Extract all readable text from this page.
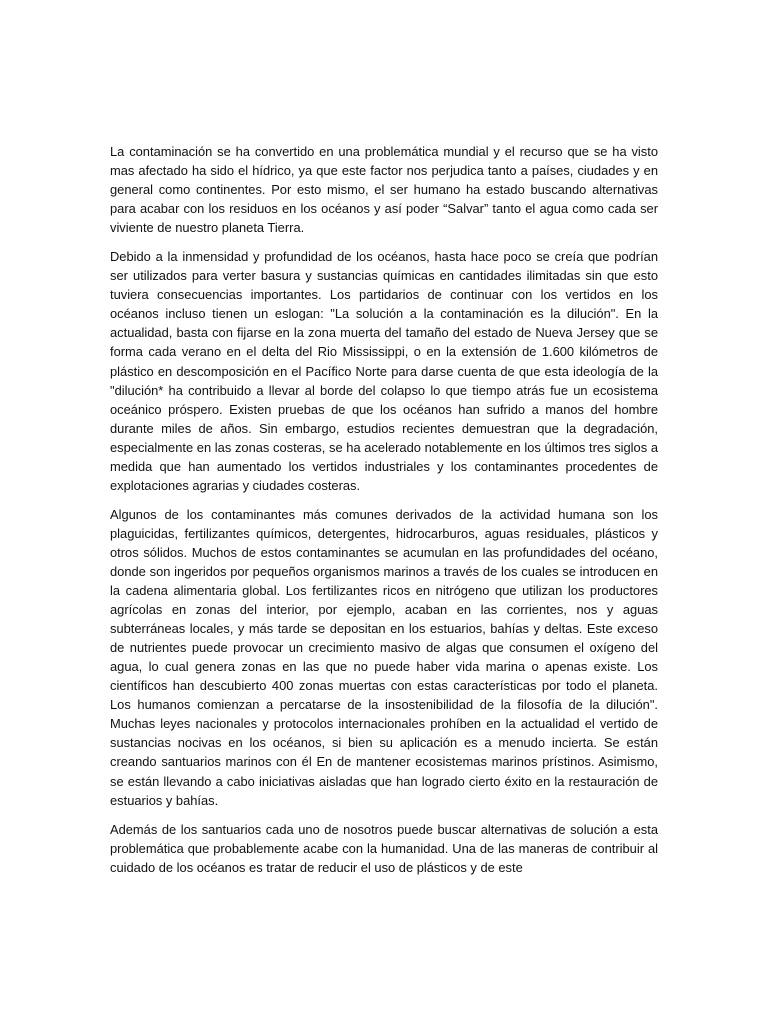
La contaminación se ha convertido en una problemática mundial y el recurso que se ha visto mas afectado ha sido el hídrico, ya que este factor nos perjudica tanto a países, ciudades y en general como continentes. Por esto mismo, el ser humano ha estado buscando alternativas para acabar con los residuos en los océanos y así poder “Salvar” tanto el agua como cada ser viviente de nuestro planeta Tierra.

Debido a la inmensidad y profundidad de los océanos, hasta hace poco se creía que podrían ser utilizados para verter basura y sustancias químicas en cantidades ilimitadas sin que esto tuviera consecuencias importantes. Los partidarios de continuar con los vertidos en los océanos incluso tienen un eslogan: "La solución a la contaminación es la dilución". En la actualidad, basta con fijarse en la zona muerta del tamaño del estado de Nueva Jersey que se forma cada verano en el delta del Rio Mississippi, o en la extensión de 1.600 kilómetros de plástico en descomposición en el Pacífico Norte para darse cuenta de que esta ideología de la "dilución* ha contribuido a llevar al borde del colapso lo que tiempo atrás fue un ecosistema oceánico próspero. Existen pruebas de que los océanos han sufrido a manos del hombre durante miles de años. Sin embargo, estudios recientes demuestran que la degradación, especialmente en las zonas costeras, se ha acelerado notablemente en los últimos tres siglos a medida que han aumentado los vertidos industriales y los contaminantes procedentes de explotaciones agrarias y ciudades costeras.

Algunos de los contaminantes más comunes derivados de la actividad humana son los plaguicidas, fertilizantes químicos, detergentes, hidrocarburos, aguas residuales, plásticos y otros sólidos. Muchos de estos contaminantes se acumulan en las profundidades del océano, donde son ingeridos por pequeños organismos marinos a través de los cuales se introducen en la cadena alimentaria global. Los fertilizantes ricos en nitrógeno que utilizan los productores agrícolas en zonas del interior, por ejemplo, acaban en las corrientes, nos y aguas subterráneas locales, y más tarde se depositan en los estuarios, bahías y deltas. Este exceso de nutrientes puede provocar un crecimiento masivo de algas que consumen el oxígeno del agua, lo cual genera zonas en las que no puede haber vida marina o apenas existe. Los científicos han descubierto 400 zonas muertas con estas características por todo el planeta. Los humanos comienzan a percatarse de la insostenibilidad de la filosofía de la dilución". Muchas leyes nacionales y protocolos internacionales prohíben en la actualidad el vertido de sustancias nocivas en los océanos, si bien su aplicación es a menudo incierta. Se están creando santuarios marinos con él En de mantener ecosistemas marinos prístinos. Asimismo, se están llevando a cabo iniciativas aisladas que han logrado cierto éxito en la restauración de estuarios y bahías.

Además de los santuarios cada uno de nosotros puede buscar alternativas de solución a esta problemática que probablemente acabe con la humanidad. Una de las maneras de contribuir al cuidado de los océanos es tratar de reducir el uso de plásticos y de este
